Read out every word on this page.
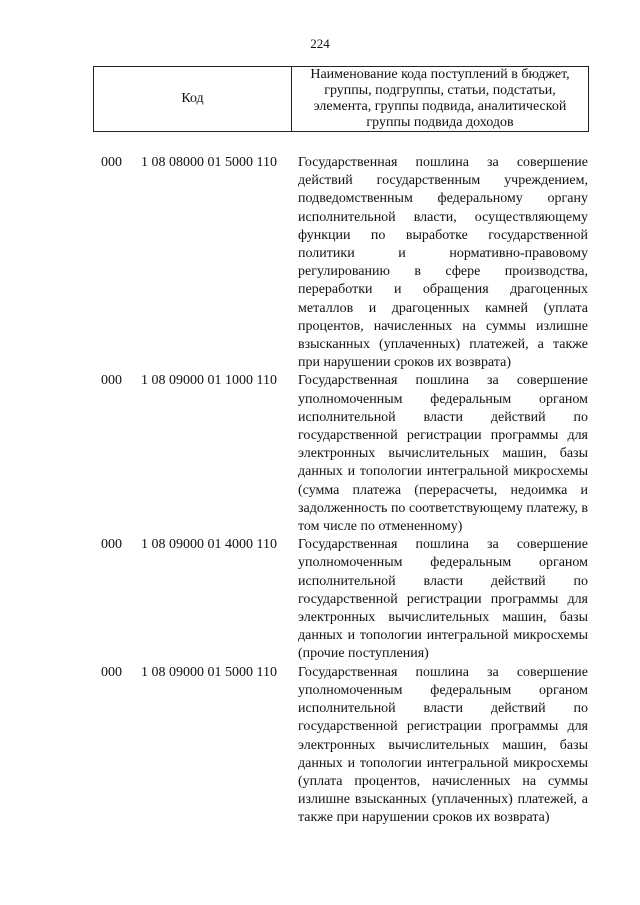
224
Код
Наименование кода поступлений в бюджет, группы, подгруппы, статьи, подстатьи, элемента, группы подвида, аналитической группы подвида доходов
000 1 08 08000 01 5000 110 Государственная пошлина за совершение действий государственным учреждением, подведомственным федеральному органу исполнительной власти, осуществляющему функции по выработке государственной политики и нормативно-правовому регулированию в сфере производства, переработки и обращения драгоценных металлов и драгоценных камней (уплата процентов, начисленных на суммы излишне взысканных (уплаченных) платежей, а также при нарушении сроков их возврата)
000 1 08 09000 01 1000 110 Государственная пошлина за совершение уполномоченным федеральным органом исполнительной власти действий по государственной регистрации программы для электронных вычислительных машин, базы данных и топологии интегральной микросхемы (сумма платежа (перерасчеты, недоимка и задолженность по соответствующему платежу, в том числе по отмененному)
000 1 08 09000 01 4000 110 Государственная пошлина за совершение уполномоченным федеральным органом исполнительной власти действий по государственной регистрации программы для электронных вычислительных машин, базы данных и топологии интегральной микросхемы (прочие поступления)
000 1 08 09000 01 5000 110 Государственная пошлина за совершение уполномоченным федеральным органом исполнительной власти действий по государственной регистрации программы для электронных вычислительных машин, базы данных и топологии интегральной микросхемы (уплата процентов, начисленных на суммы излишне взысканных (уплаченных) платежей, а также при нарушении сроков их возврата)
